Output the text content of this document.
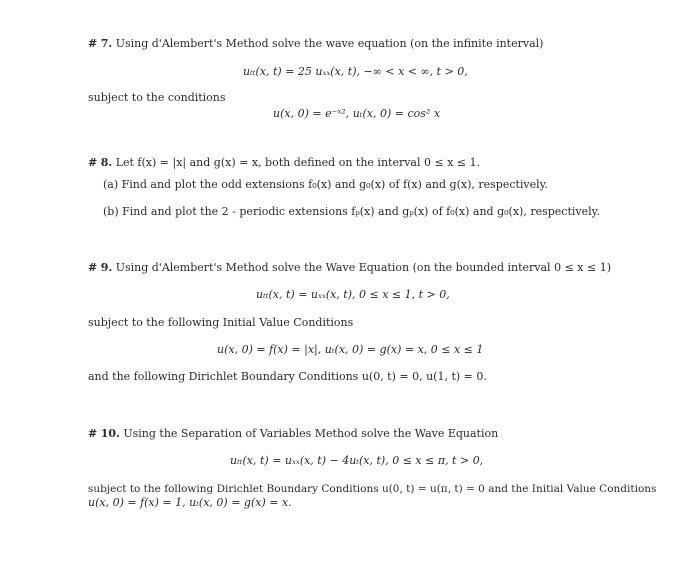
# 7. Using d'Alembert's Method solve the wave equation (on the infinite interval)
uₜₜ(x, t) = 25 uₓₓ(x, t), −∞ < x < ∞, t > 0,
subject to the conditions
u(x, 0) = e⁻ˣ², uₜ(x, 0) = cos² x
# 8. Let f(x) = |x| and g(x) = x, both defined on the interval 0 ≤ x ≤ 1.
(a) Find and plot the odd extensions f₀(x) and g₀(x) of f(x) and g(x), respectively.
(b) Find and plot the 2 - periodic extensions fₚ(x) and gₚ(x) of f₀(x) and g₀(x), respectively.
# 9. Using d'Alembert's Method solve the Wave Equation (on the bounded interval 0 ≤ x ≤ 1)
uₜₜ(x, t) = uₓₓ(x, t), 0 ≤ x ≤ 1, t > 0,
subject to the following Initial Value Conditions
u(x, 0) = f(x) = |x|, uₜ(x, 0) = g(x) = x, 0 ≤ x ≤ 1
and the following Dirichlet Boundary Conditions u(0, t) = 0, u(1, t) = 0.
# 10. Using the Separation of Variables Method solve the Wave Equation
uₜₜ(x, t) = uₓₓ(x, t) − 4uₜ(x, t), 0 ≤ x ≤ π, t > 0,
subject to the following Dirichlet Boundary Conditions u(0, t) = u(π, t) = 0 and the Initial Value Conditions
u(x, 0) = f(x) = 1, uₜ(x, 0) = g(x) = x.
